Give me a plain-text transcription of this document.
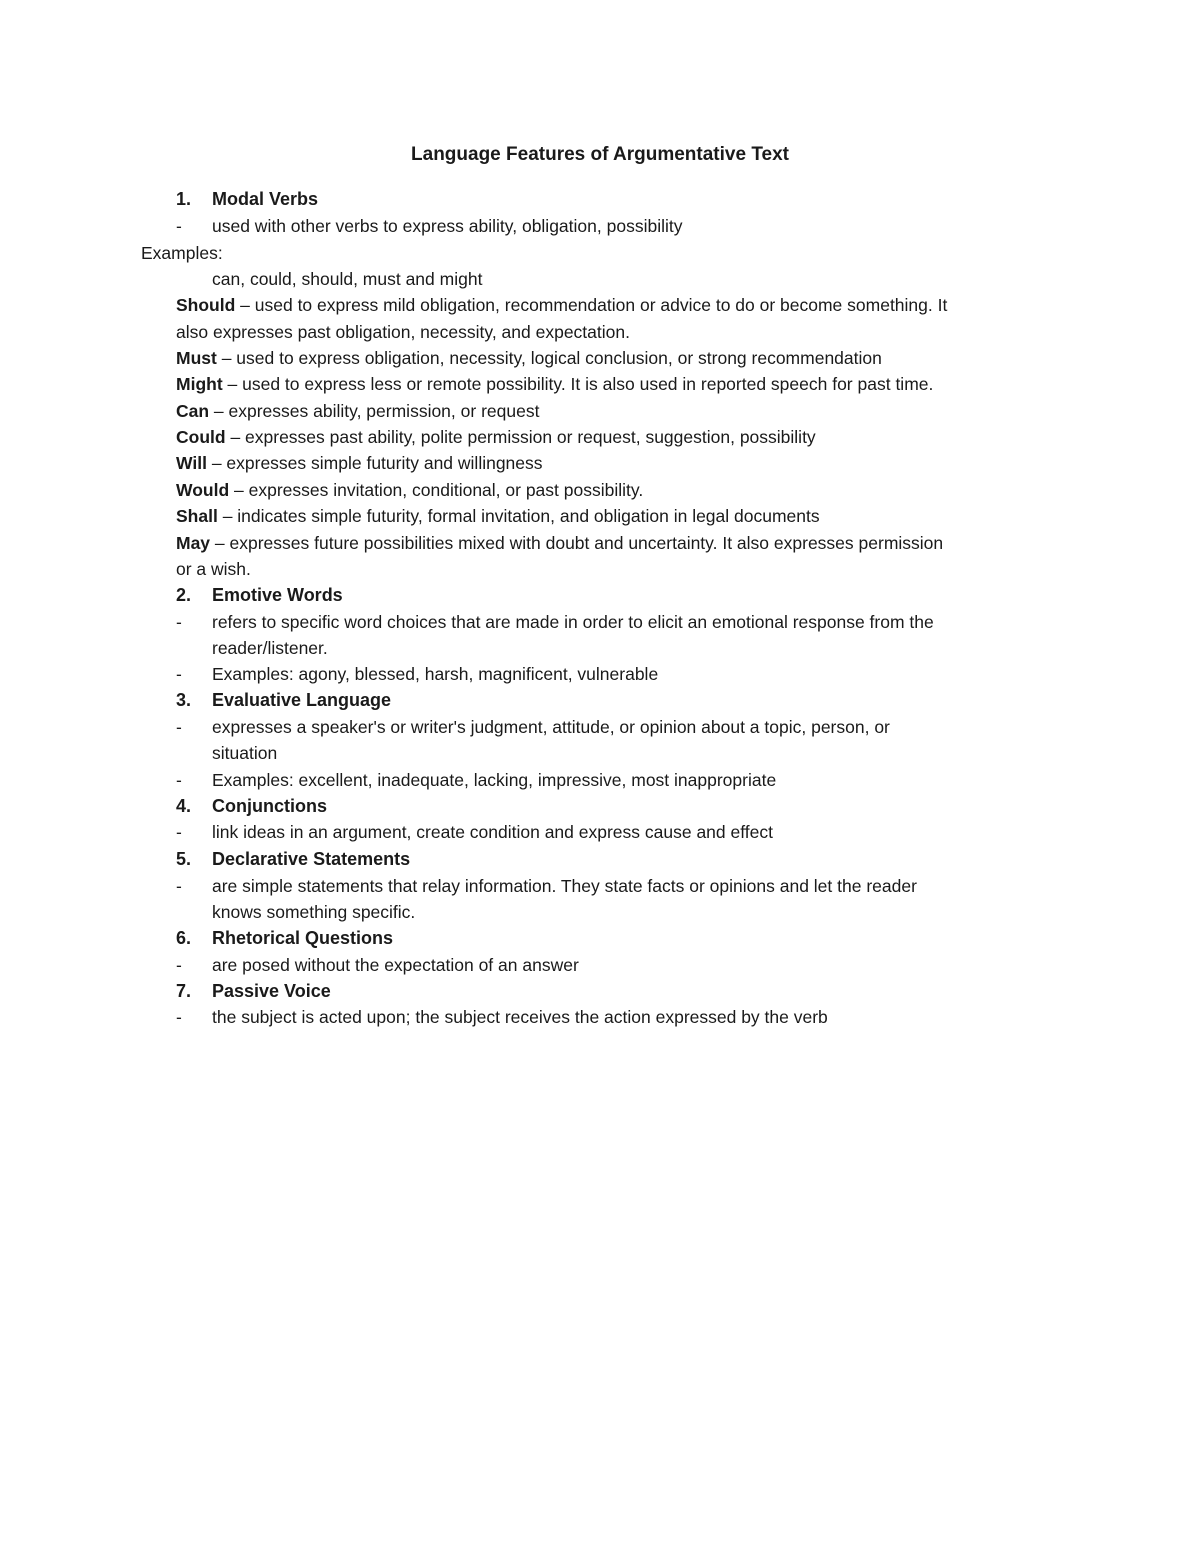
Language Features of Argumentative Text
1. Modal Verbs
- used with other verbs to express ability, obligation, possibility
Examples:
can, could, should, must and might
Should – used to express mild obligation, recommendation or advice to do or become something. It
also expresses past obligation, necessity, and expectation.
Must – used to express obligation, necessity, logical conclusion, or strong recommendation
Might – used to express less or remote possibility. It is also used in reported speech for past time.
Can – expresses ability, permission, or request
Could – expresses past ability, polite permission or request, suggestion, possibility
Will – expresses simple futurity and willingness
Would – expresses invitation, conditional, or past possibility.
Shall – indicates simple futurity, formal invitation, and obligation in legal documents
May – expresses future possibilities mixed with doubt and uncertainty. It also expresses permission
or a wish.
2. Emotive Words
- refers to specific word choices that are made in order to elicit an emotional response from the
reader/listener.
- Examples: agony, blessed, harsh, magnificent, vulnerable
3. Evaluative Language
- expresses a speaker's or writer's judgment, attitude, or opinion about a topic, person, or
situation
- Examples: excellent, inadequate, lacking, impressive, most inappropriate
4. Conjunctions
- link ideas in an argument, create condition and express cause and effect
5. Declarative Statements
- are simple statements that relay information. They state facts or opinions and let the reader
knows something specific.
6. Rhetorical Questions
- are posed without the expectation of an answer
7. Passive Voice
- the subject is acted upon; the subject receives the action expressed by the verb
